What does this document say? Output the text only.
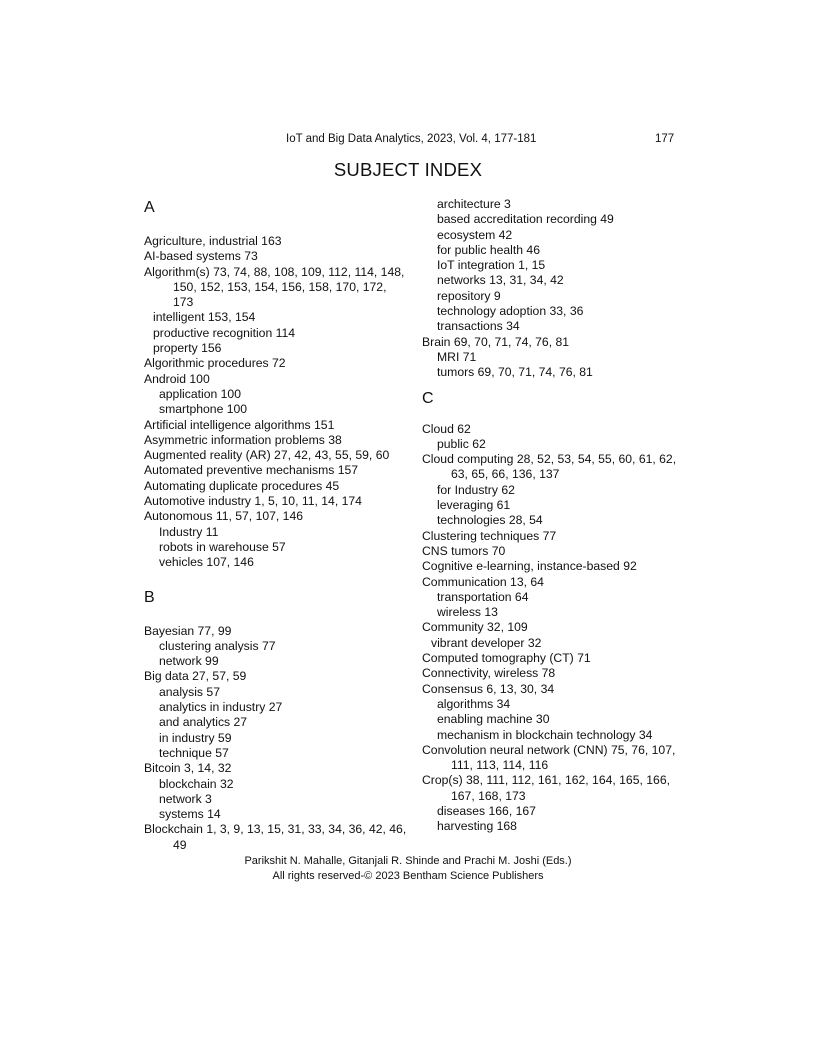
IoT and Big Data Analytics, 2023, Vol. 4, 177-181	177
SUBJECT INDEX
A
Agriculture, industrial 163
AI-based systems 73
Algorithm(s) 73, 74, 88, 108, 109, 112, 114, 148, 150, 152, 153, 154, 156, 158, 170, 172, 173
intelligent 153, 154
productive recognition 114
property 156
Algorithmic procedures 72
Android 100
application 100
smartphone 100
Artificial intelligence algorithms 151
Asymmetric information problems 38
Augmented reality (AR) 27, 42, 43, 55, 59, 60
Automated preventive mechanisms 157
Automating duplicate procedures 45
Automotive industry 1, 5, 10, 11, 14, 174
Autonomous 11, 57, 107, 146
Industry 11
robots in warehouse 57
vehicles 107, 146
B
Bayesian 77, 99
clustering analysis 77
network 99
Big data 27, 57, 59
analysis 57
analytics in industry 27
and analytics 27
in industry 59
technique 57
Bitcoin 3, 14, 32
blockchain 32
network 3
systems 14
Blockchain 1, 3, 9, 13, 15, 31, 33, 34, 36, 42, 46, 49
architecture 3
based accreditation recording 49
ecosystem 42
for public health 46
IoT integration 1, 15
networks 13, 31, 34, 42
repository 9
technology adoption 33, 36
transactions 34
Brain 69, 70, 71, 74, 76, 81
MRI 71
tumors 69, 70, 71, 74, 76, 81
C
Cloud 62
public 62
Cloud computing 28, 52, 53, 54, 55, 60, 61, 62, 63, 65, 66, 136, 137
for Industry 62
leveraging 61
technologies 28, 54
Clustering techniques 77
CNS tumors 70
Cognitive e-learning, instance-based 92
Communication 13, 64
transportation 64
wireless 13
Community 32, 109
vibrant developer 32
Computed tomography (CT) 71
Connectivity, wireless 78
Consensus 6, 13, 30, 34
algorithms 34
enabling machine 30
mechanism in blockchain technology 34
Convolution neural network (CNN) 75, 76, 107, 111, 113, 114, 116
Crop(s) 38, 111, 112, 161, 162, 164, 165, 166, 167, 168, 173
diseases 166, 167
harvesting 168
Parikshit N. Mahalle, Gitanjali R. Shinde and Prachi M. Joshi (Eds.)
All rights reserved-© 2023 Bentham Science Publishers
